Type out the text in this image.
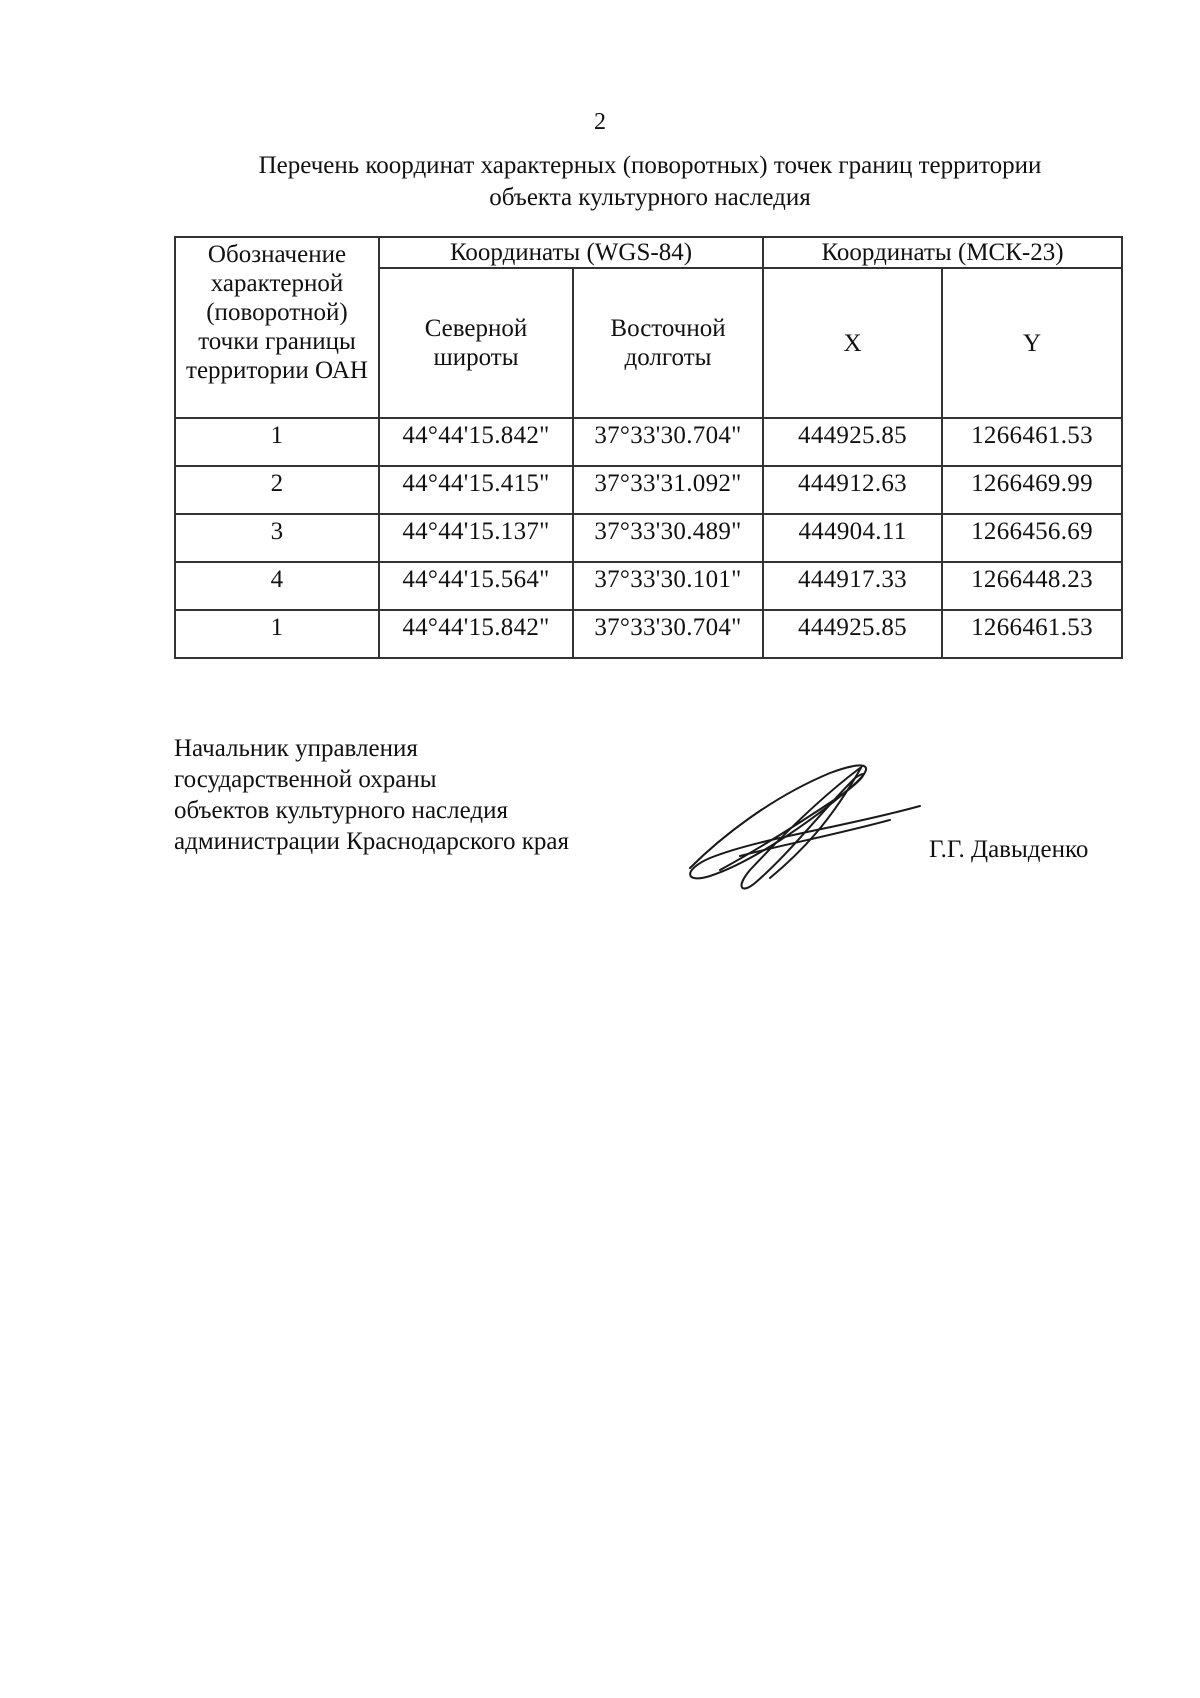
2
Перечень координат характерных (поворотных) точек границ территории
объекта культурного наследия
Обозначение характерной (поворотной) точки границы территории ОАН	Координаты (WGS-84)		Координаты (МСК-23)	
	Северной широты	Восточной долготы	X	Y
1	44°44'15.842"	37°33'30.704"	444925.85	1266461.53
2	44°44'15.415"	37°33'31.092"	444912.63	1266469.99
3	44°44'15.137"	37°33'30.489"	444904.11	1266456.69
4	44°44'15.564"	37°33'30.101"	444917.33	1266448.23
1	44°44'15.842"	37°33'30.704"	444925.85	1266461.53
Начальник управления
государственной охраны
объектов культурного наследия
администрации Краснодарского края	Г.Г. Давыденко
